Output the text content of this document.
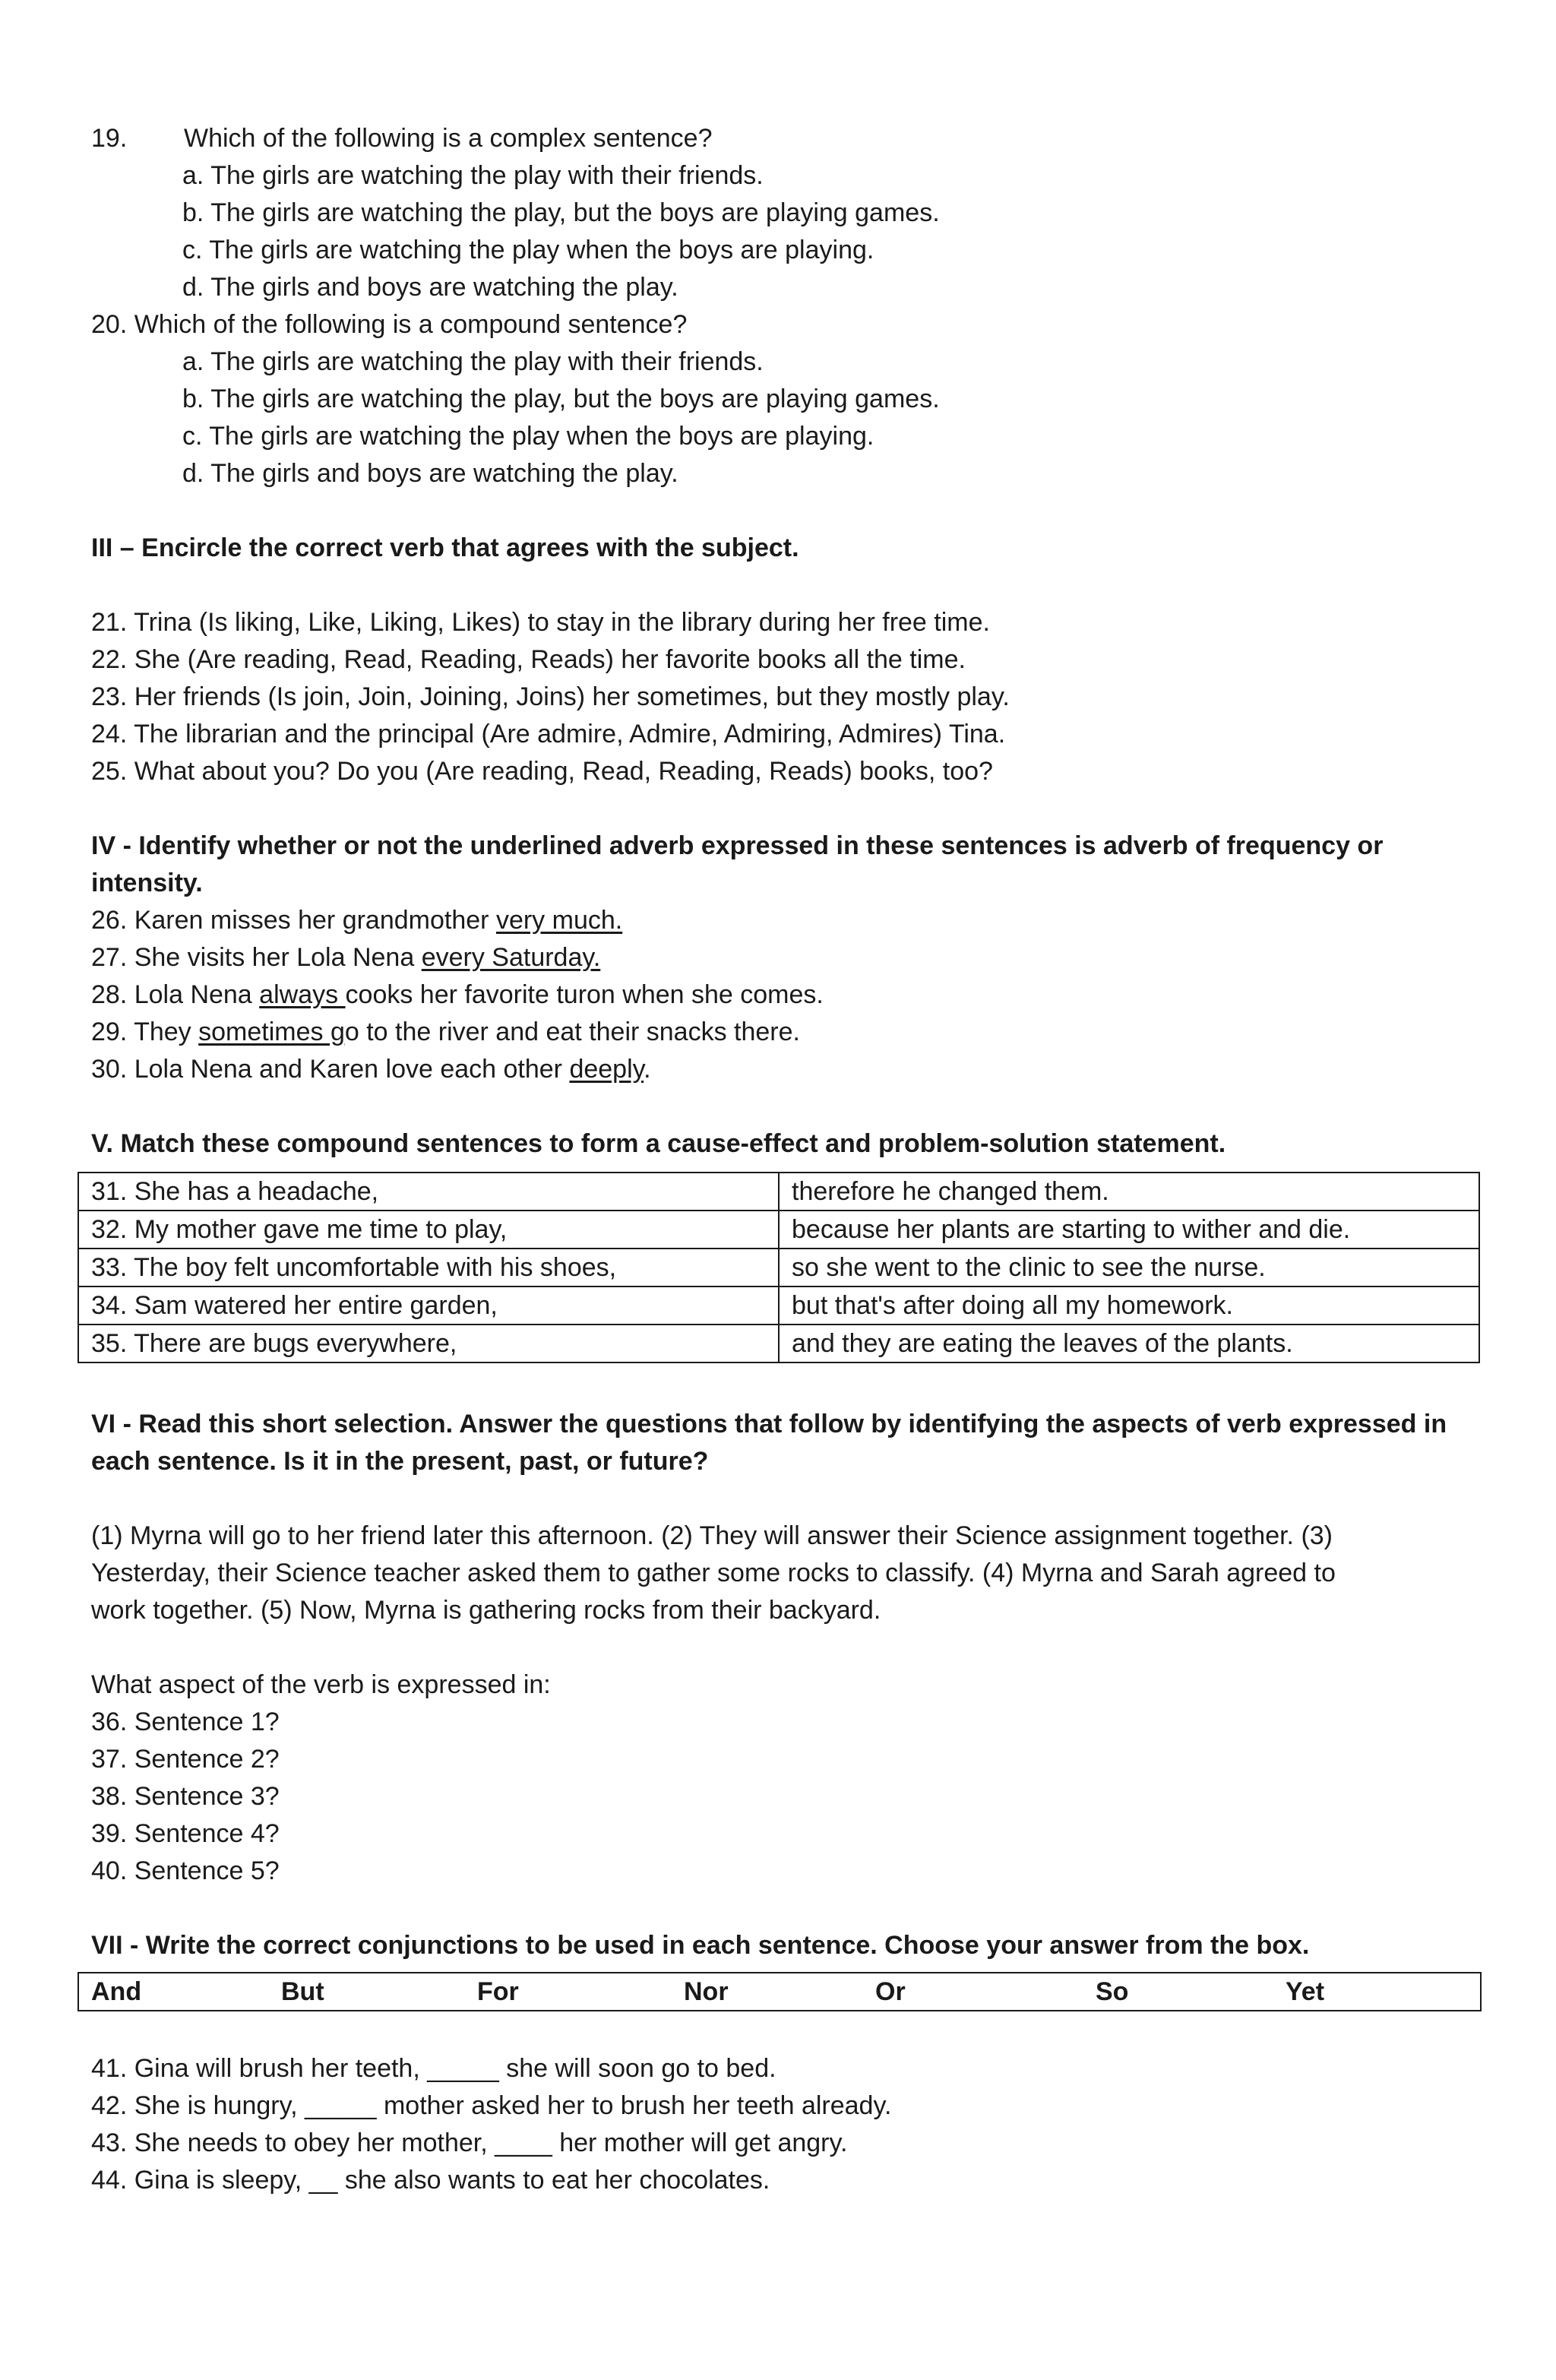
19. Which of the following is a complex sentence?
a. The girls are watching the play with their friends.
b. The girls are watching the play, but the boys are playing games.
c. The girls are watching the play when the boys are playing.
d. The girls and boys are watching the play.
20. Which of the following is a compound sentence?
a. The girls are watching the play with their friends.
b. The girls are watching the play, but the boys are playing games.
c. The girls are watching the play when the boys are playing.
d. The girls and boys are watching the play.
III – Encircle the correct verb that agrees with the subject.
21. Trina (Is liking, Like, Liking, Likes) to stay in the library during her free time.
22. She (Are reading, Read, Reading, Reads) her favorite books all the time.
23. Her friends (Is join, Join, Joining, Joins) her sometimes, but they mostly play.
24. The librarian and the principal (Are admire, Admire, Admiring, Admires) Tina.
25. What about you? Do you (Are reading, Read, Reading, Reads) books, too?
IV - Identify whether or not the underlined adverb expressed in these sentences is adverb of frequency or intensity.
26. Karen misses her grandmother very much.
27. She visits her Lola Nena every Saturday.
28. Lola Nena always cooks her favorite turon when she comes.
29. They sometimes go to the river and eat their snacks there.
30. Lola Nena and Karen love each other deeply.
V. Match these compound sentences to form a cause-effect and problem-solution statement.
31. She has a headache,	therefore he changed them.
32. My mother gave me time to play,	because her plants are starting to wither and die.
33. The boy felt uncomfortable with his shoes,	so she went to the clinic to see the nurse.
34. Sam watered her entire garden,	but that's after doing all my homework.
35. There are bugs everywhere,	and they are eating the leaves of the plants.
VI - Read this short selection. Answer the questions that follow by identifying the aspects of verb expressed in each sentence. Is it in the present, past, or future?
(1) Myrna will go to her friend later this afternoon. (2) They will answer their Science assignment together. (3)
Yesterday, their Science teacher asked them to gather some rocks to classify. (4) Myrna and Sarah agreed to
work together. (5) Now, Myrna is gathering rocks from their backyard.
What aspect of the verb is expressed in:
36. Sentence 1?
37. Sentence 2?
38. Sentence 3?
39. Sentence 4?
40. Sentence 5?
VII - Write the correct conjunctions to be used in each sentence. Choose your answer from the box.
And	But	For	Nor	Or	So	Yet
41. Gina will brush her teeth, _____ she will soon go to bed.
42. She is hungry, _____ mother asked her to brush her teeth already.
43. She needs to obey her mother, ____ her mother will get angry.
44. Gina is sleepy, __ she also wants to eat her chocolates.
